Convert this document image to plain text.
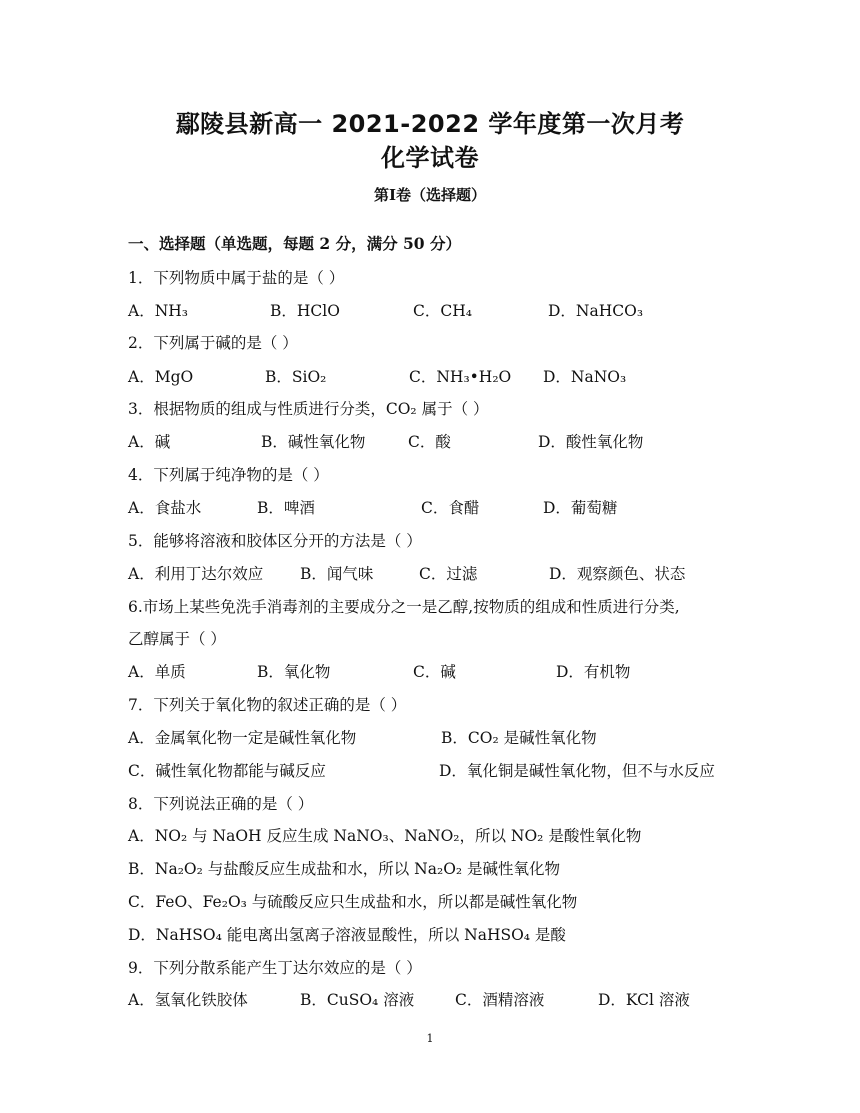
鄢陵县新高一 2021-2022 学年度第一次月考
化学试卷
第Ⅰ卷（选择题）
一、选择题（单选题，每题 2 分，满分 50 分）
1．下列物质中属于盐的是（ ）
A．NH₃	B．HClO	C．CH₄	D．NaHCO₃
2．下列属于碱的是（ ）
A．MgO	B．SiO₂	C．NH₃•H₂O D．NaNO₃
3．根据物质的组成与性质进行分类，CO₂ 属于（ ）
A．碱	B．碱性氧化物	C．酸	D．酸性氧化物
4．下列属于纯净物的是（ ）
A．食盐水	B．啤酒	C．食醋	D．葡萄糖
5．能够将溶液和胶体区分开的方法是（ ）
A．利用丁达尔效应 B．闻气味	C．过滤	D．观察颜色、状态
6.市场上某些免洗手消毒剂的主要成分之一是乙醇,按物质的组成和性质进行分类,
乙醇属于（ ）
A．单质	B．氧化物	C．碱	D．有机物
7．下列关于氧化物的叙述正确的是（ ）
A．金属氧化物一定是碱性氧化物	B．CO₂ 是碱性氧化物
C．碱性氧化物都能与碱反应	D．氧化铜是碱性氧化物，但不与水反应
8．下列说法正确的是（ ）
A．NO₂ 与 NaOH 反应生成 NaNO₃、NaNO₂，所以 NO₂ 是酸性氧化物
B．Na₂O₂ 与盐酸反应生成盐和水，所以 Na₂O₂ 是碱性氧化物
C．FeO、Fe₂O₃ 与硫酸反应只生成盐和水，所以都是碱性氧化物
D．NaHSO₄ 能电离出氢离子溶液显酸性，所以 NaHSO₄ 是酸
9．下列分散系能产生丁达尔效应的是（ ）
A．氢氧化铁胶体	B．CuSO₄ 溶液	C．酒精溶液	D．KCl 溶液
1
